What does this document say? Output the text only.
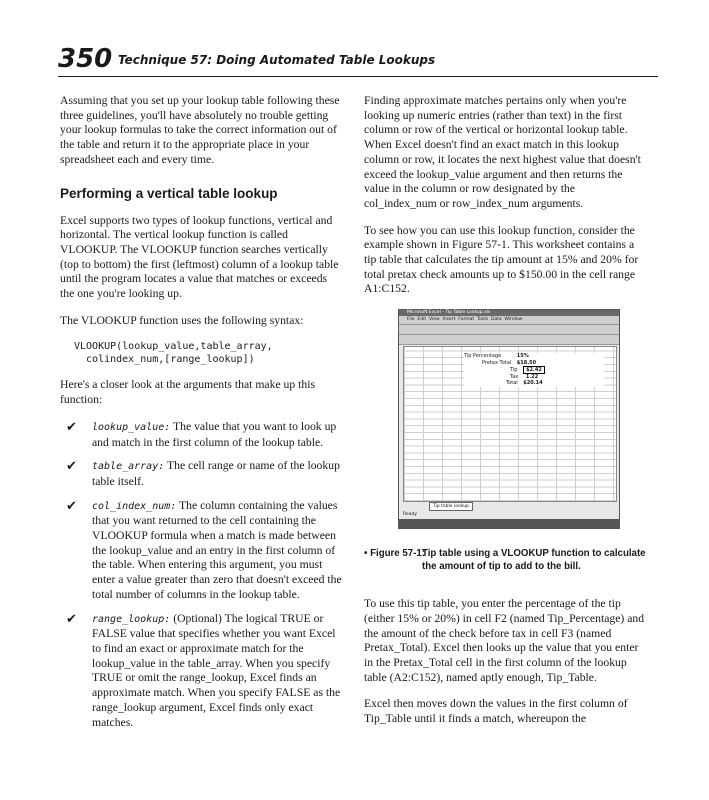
350 Technique 57: Doing Automated Table Lookups

Assuming that you set up your lookup table following these three guidelines, you'll have absolutely no trouble getting your lookup formulas to take the correct information out of the table and return it to the appropriate place in your spreadsheet each and every time.

Performing a vertical table lookup

Excel supports two types of lookup functions, vertical and horizontal. The vertical lookup function is called VLOOKUP. The VLOOKUP function searches vertically (top to bottom) the first (leftmost) column of a lookup table until the program locates a value that matches or exceeds the one you're looking up.

The VLOOKUP function uses the following syntax:

VLOOKUP(lookup_value,table_array,
colindex_num,[range_lookup])

Here's a closer look at the arguments that make up this function:

✔ lookup_value: The value that you want to look up and match in the first column of the lookup table.
✔ table_array: The cell range or name of the lookup table itself.
✔ col_index_num: The column containing the values that you want returned to the cell containing the VLOOKUP formula when a match is made between the lookup_value and an entry in the first column of the table. When entering this argument, you must enter a value greater than zero that doesn't exceed the total number of columns in the lookup table.
✔ range_lookup: (Optional) The logical TRUE or FALSE value that specifies whether you want Excel to find an exact or approximate match for the lookup_value in the table_array. When you specify TRUE or omit the range_lookup, Excel finds an approximate match. When you specify FALSE as the range_lookup argument, Excel finds only exact matches.

Finding approximate matches pertains only when you're looking up numeric entries (rather than text) in the first column or row of the vertical or horizontal lookup table. When Excel doesn't find an exact match in this lookup column or row, it locates the next highest value that doesn't exceed the lookup_value argument and then returns the value in the column or row designated by the col_index_num or row_index_num arguments.

To see how you can use this lookup function, consider the example shown in Figure 57-1. This worksheet contains a tip table that calculates the tip amount at 15% and 20% for total pretax check amounts up to $150.00 in the cell range A1:C152.

Microsoft Excel - Tip Table Lookup.xls
File  Edit  View  Insert  Format  Tools  Data  Window
Tip Percentage	15%
Pretax Total $18.50
Tip $2.42
Tax 1.22
Total $20.14
Tip table lookup
Ready
• Figure 57-1:
Tip table using a VLOOKUP function to calculate the amount of tip to add to the bill.

To use this tip table, you enter the percentage of the tip (either 15% or 20%) in cell F2 (named Tip_Percentage) and the amount of the check before tax in cell F3 (named Pretax_Total). Excel then looks up the value that you enter in the Pretax_Total cell in the first column of the lookup table (A2:C152), named aptly enough, Tip_Table.

Excel then moves down the values in the first column of Tip_Table until it finds a match, whereupon the
